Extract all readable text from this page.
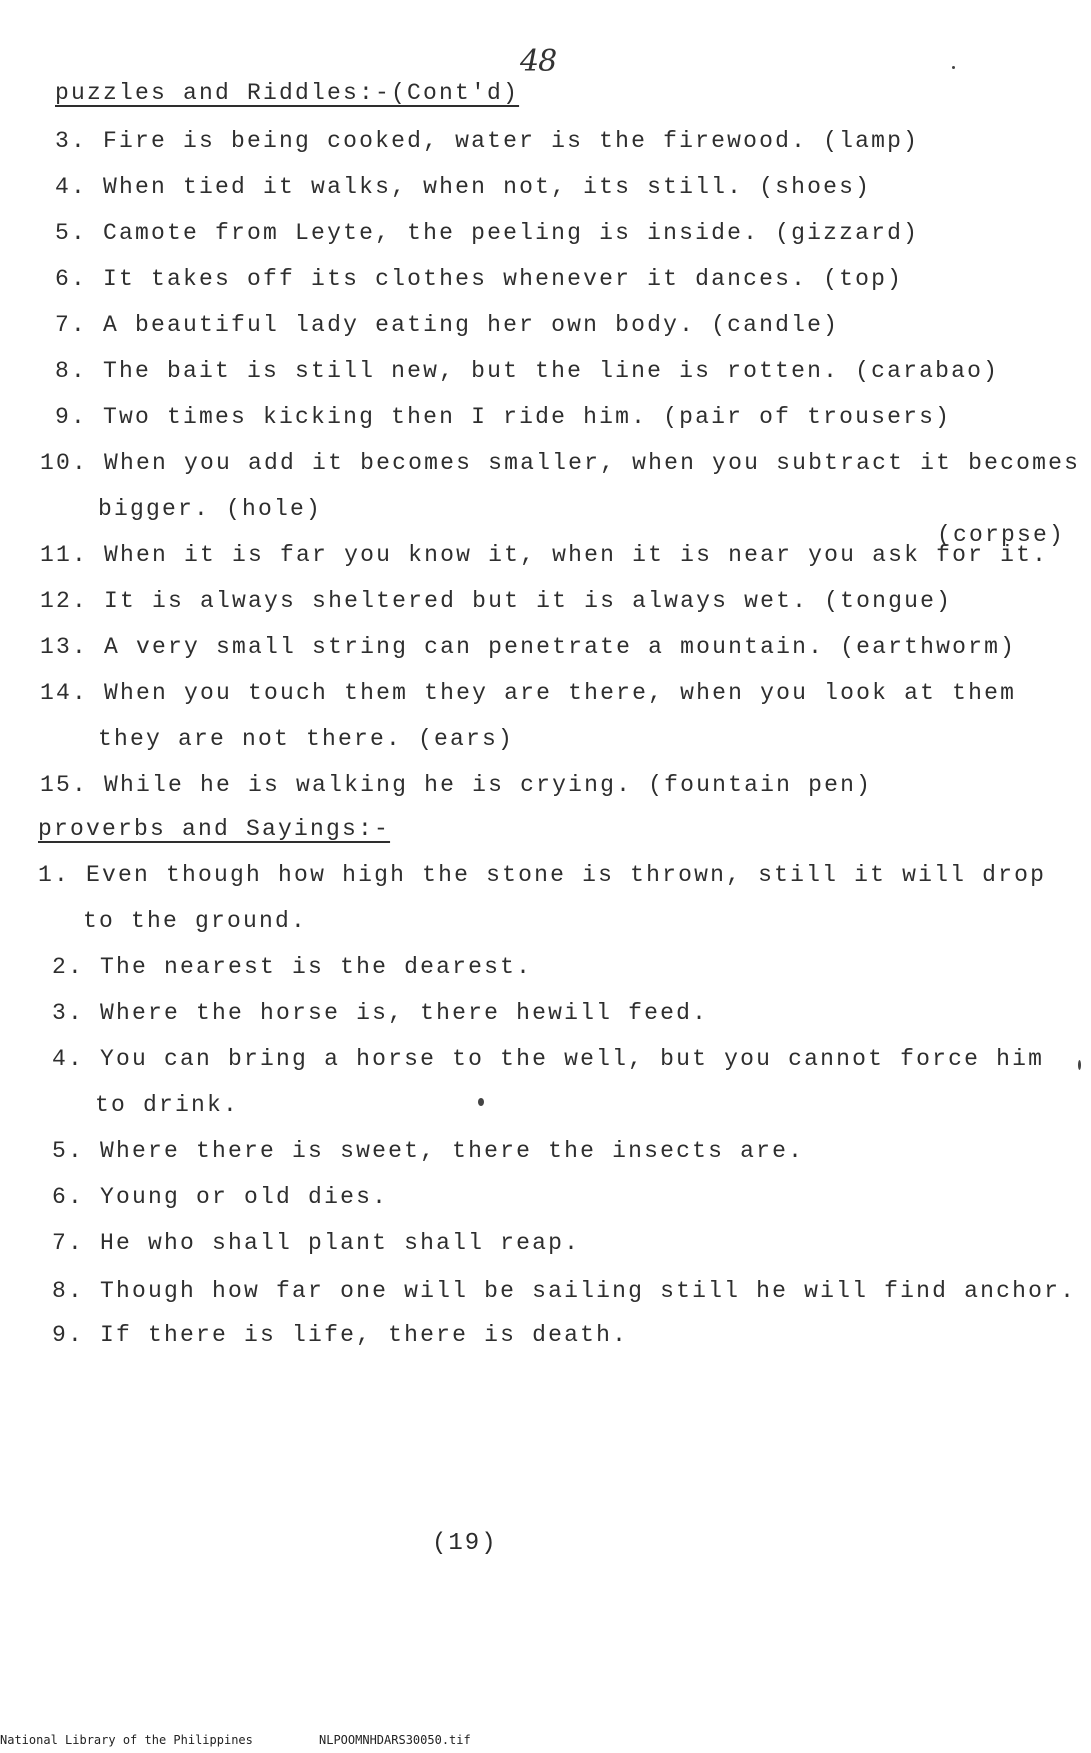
48
puzzles and Riddles:-(Cont'd)
3. Fire is being cooked, water is the firewood. (lamp)
4. When tied it walks, when not, its still. (shoes)
5. Camote from Leyte, the peeling is inside. (gizzard)
6. It takes off its clothes whenever it dances. (top)
7. A beautiful lady eating her own body. (candle)
8. The bait is still new, but the line is rotten. (carabao)
9. Two times kicking then I ride him. (pair of trousers)
10. When you add it becomes smaller, when you subtract it becomes
bigger. (hole)
(corpse)
11. When it is far you know it, when it is near you ask for it.
12. It is always sheltered but it is always wet. (tongue)
13. A very small string can penetrate a mountain. (earthworm)
14. When you touch them they are there, when you look at them
they are not there. (ears)
15. While he is walking he is crying. (fountain pen)
proverbs and Sayings:-
1. Even though how high the stone is thrown, still it will drop
to the ground.
2. The nearest is the dearest.
3. Where the horse is, there hewill feed.
4. You can bring a horse to the well, but you cannot force him
to drink.
5. Where there is sweet, there the insects are.
6. Young or old dies.
7. He who shall plant shall reap.
8. Though how far one will be sailing still he will find anchor.
9. If there is life, there is death.
(19)
National Library of the Philippines	NLPOOMNHDARS30050.tif
